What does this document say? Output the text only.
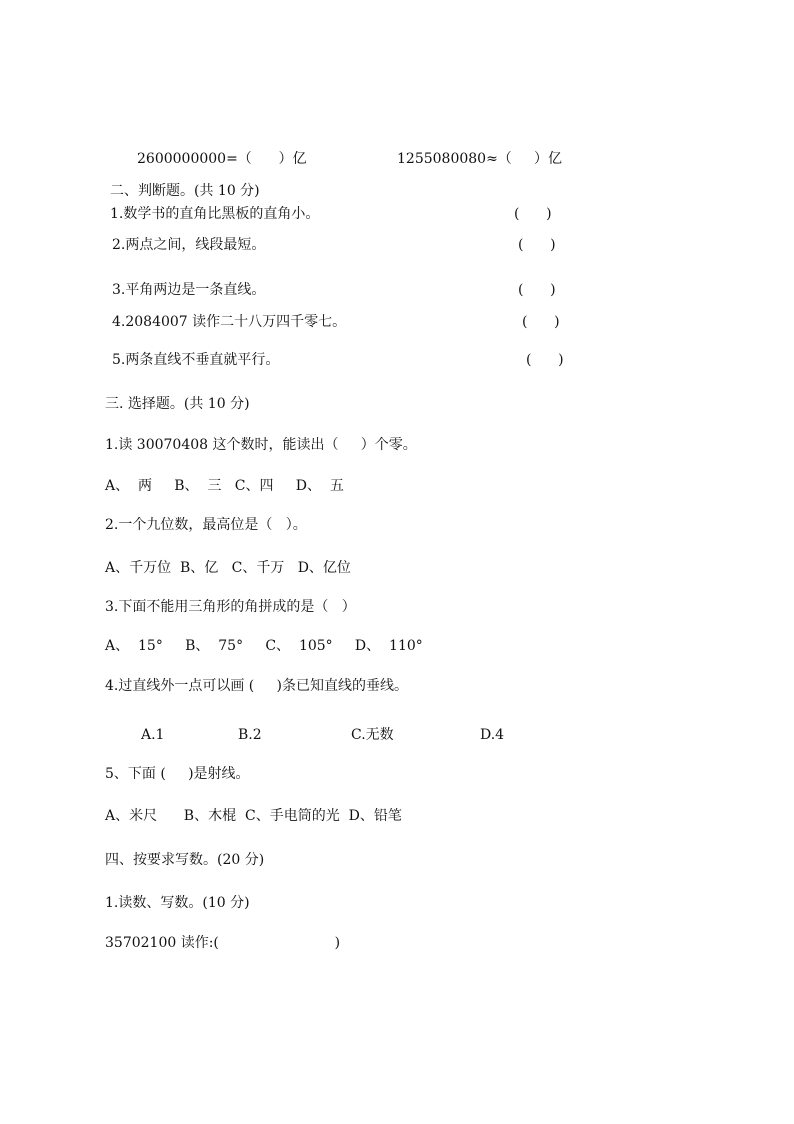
2600000000=（      ）亿	1255080080≈（     ）亿
二、判断题。(共 10 分)
1.数学书的直角比黑板的直角小。	(      )
2.两点之间，线段最短。	(      )
3.平角两边是一条直线。	(      )
4.2084007 读作二十八万四千零七。	(      )
5.两条直线不垂直就平行。	(      )
三. 选择题。(共 10 分)
1.读 30070408 这个数时，能读出（     ）个零。
A、  两     B、  三   C、四     D、  五
2.一个九位数，最高位是（   ）。
A、千万位  B、亿   C、千万   D、亿位
3.下面不能用三角形的角拼成的是（   ）
A、  15°     B、  75°     C、  105°     D、  110°
4.过直线外一点可以画 (     )条已知直线的垂线。
A.1	B.2	C.无数	D.4
5、下面 (     )是射线。
A、米尺      B、木棍  C、手电筒的光  D、铅笔
四、按要求写数。(20 分)
1.读数、写数。(10 分)
35702100 读作:(                          )
